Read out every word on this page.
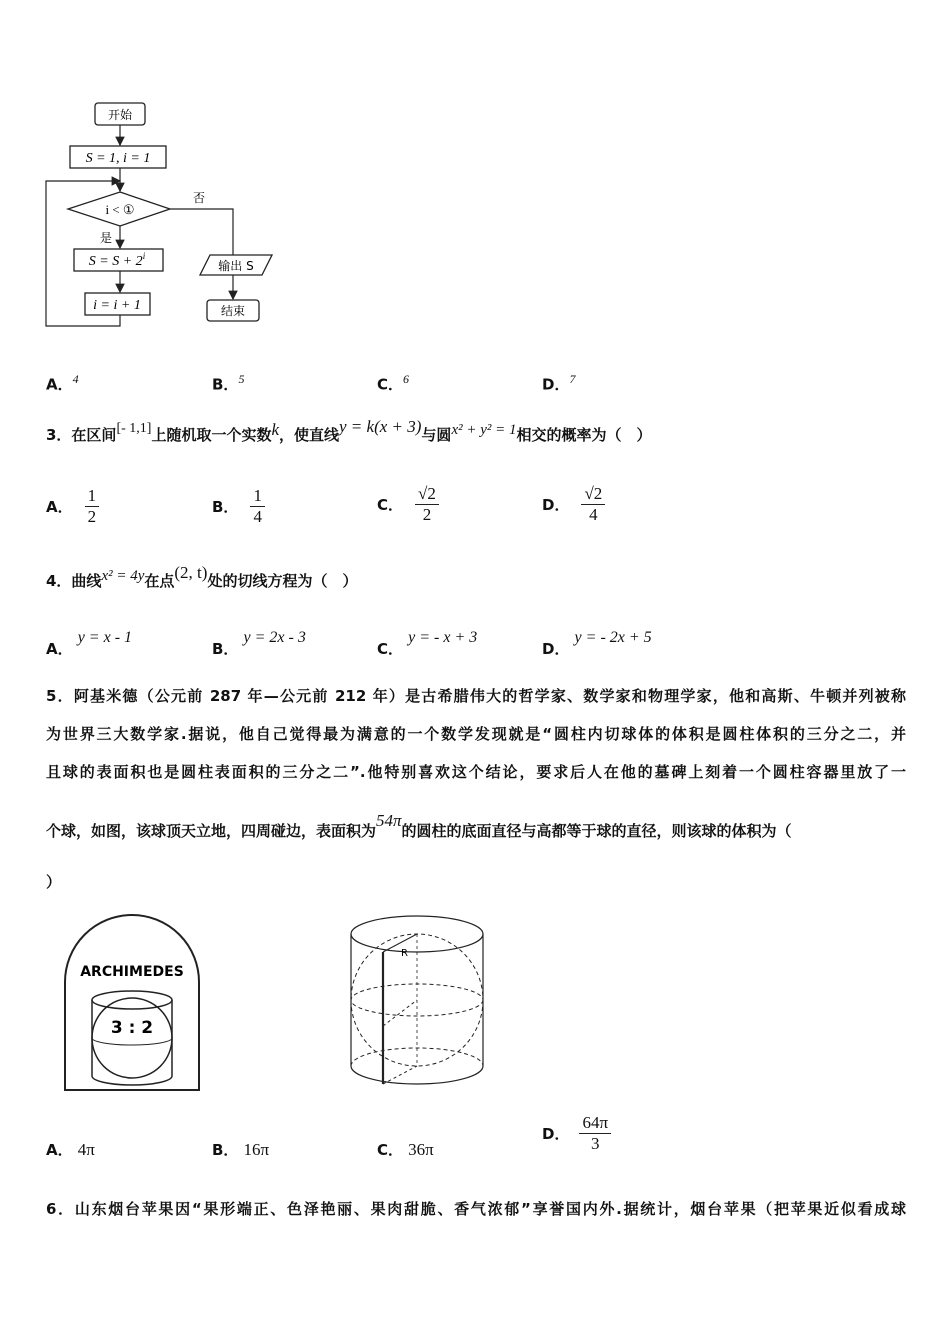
开始
S = 1, i = 1
i < ①
否
是
$S = S + 2^i$
i = i + 1
输出 S
结束
A．$^4$	B．$^5$	C．$^6$	D．$^7$
3．在区间[- 1,1]上随机取一个实数k，使直线y = k(x + 3)与圆x² + y² = 1相交的概率为（　）
A． $\frac{1}{2}$	B． $\frac{1}{4}$	C． $\frac{√2}{2}$	D． $\frac{√2}{4}$
4．曲线x² = 4y在点(2, t)处的切线方程为（　）
A． y = x - 1
B． y = 2x - 3
C． y = - x + 3
D． y = - 2x + 5
5．阿基米德（公元前 287 年—公元前 212 年）是古希腊伟大的哲学家、数学家和物理学家，他和高斯、牛顿并列被称
为世界三大数学家.据说，他自己觉得最为满意的一个数学发现就是“圆柱内切球体的体积是圆柱体积的三分之二，并
且球的表面积也是圆柱表面积的三分之二”.他特别喜欢这个结论，要求后人在他的墓碑上刻着一个圆柱容器里放了一
个球，如图，该球顶天立地，四周碰边，表面积为54π的圆柱的底面直径与高都等于球的直径，则该球的体积为（
）
ARCHIMEDES
3 : 2
R
A． 4π	B． 16π	C． 36π
D． $\frac{64\pi}{3}$
6．山东烟台苹果因“果形端正、色泽艳丽、果肉甜脆、香气浓郁”享誉国内外.据统计，烟台苹果（把苹果近似看成球
